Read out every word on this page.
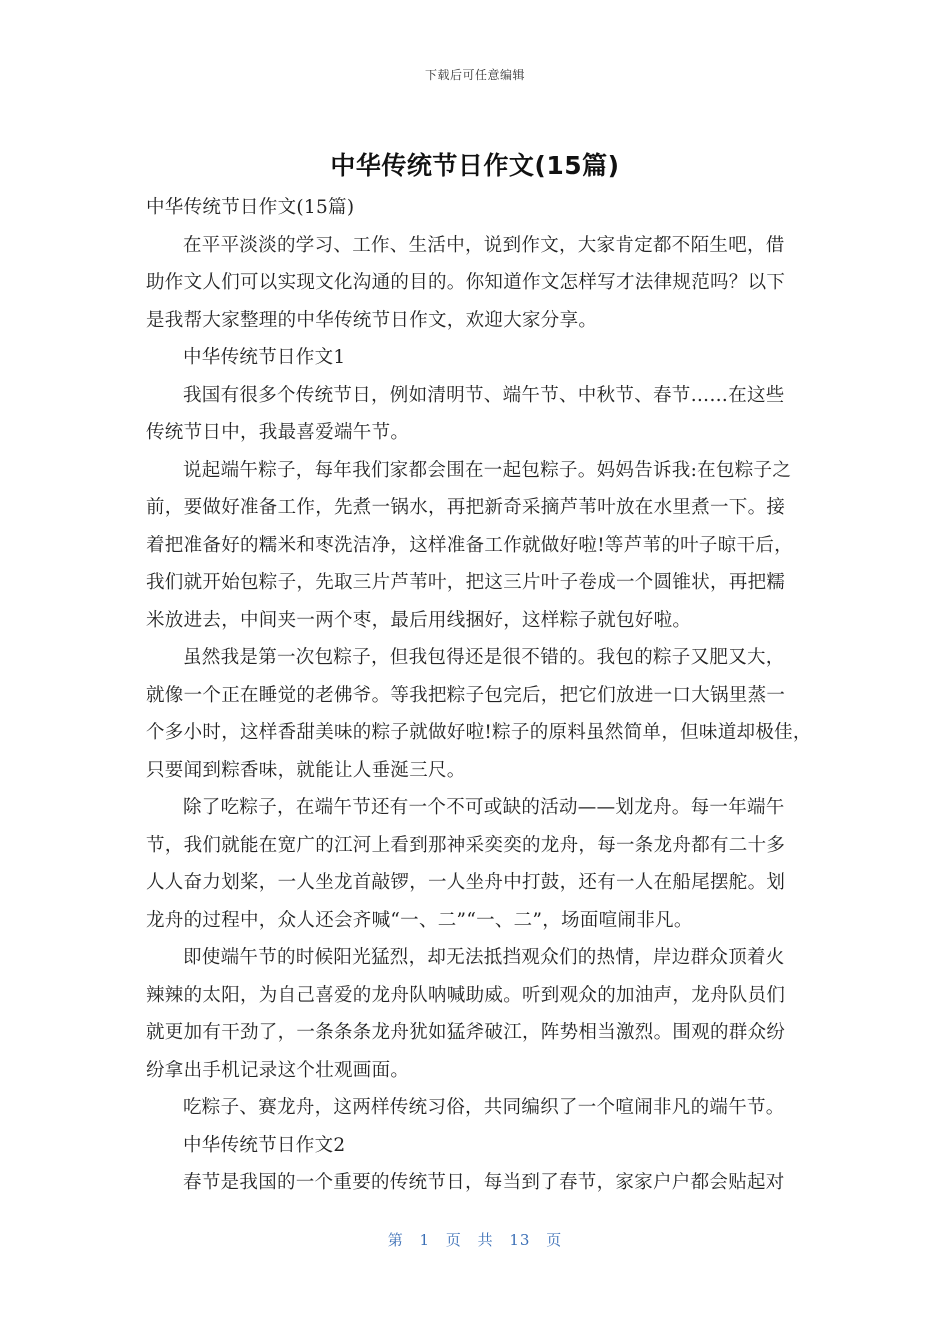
下载后可任意编辑
中华传统节日作文(15篇)
中华传统节日作文(15篇)
在平平淡淡的学习、工作、生活中，说到作文，大家肯定都不陌生吧，借
助作文人们可以实现文化沟通的目的。你知道作文怎样写才法律规范吗？以下
是我帮大家整理的中华传统节日作文，欢迎大家分享。
中华传统节日作文1
我国有很多个传统节日，例如清明节、端午节、中秋节、春节……在这些
传统节日中，我最喜爱端午节。
说起端午粽子，每年我们家都会围在一起包粽子。妈妈告诉我:在包粽子之
前，要做好准备工作，先煮一锅水，再把新奇采摘芦苇叶放在水里煮一下。接
着把准备好的糯米和枣洗洁净，这样准备工作就做好啦!等芦苇的叶子晾干后，
我们就开始包粽子，先取三片芦苇叶，把这三片叶子卷成一个圆锥状，再把糯
米放进去，中间夹一两个枣，最后用线捆好，这样粽子就包好啦。
虽然我是第一次包粽子，但我包得还是很不错的。我包的粽子又肥又大，
就像一个正在睡觉的老佛爷。等我把粽子包完后，把它们放进一口大锅里蒸一
个多小时，这样香甜美味的粽子就做好啦!粽子的原料虽然简单，但味道却极佳，
只要闻到粽香味，就能让人垂涎三尺。
除了吃粽子，在端午节还有一个不可或缺的活动——划龙舟。每一年端午
节，我们就能在宽广的江河上看到那神采奕奕的龙舟，每一条龙舟都有二十多
人人奋力划桨，一人坐龙首敲锣，一人坐舟中打鼓，还有一人在船尾摆舵。划
龙舟的过程中，众人还会齐喊“一、二”“一、二”，场面喧闹非凡。
即使端午节的时候阳光猛烈，却无法抵挡观众们的热情，岸边群众顶着火
辣辣的太阳，为自己喜爱的龙舟队呐喊助威。听到观众的加油声，龙舟队员们
就更加有干劲了，一条条条龙舟犹如猛斧破江，阵势相当激烈。围观的群众纷
纷拿出手机记录这个壮观画面。
吃粽子、赛龙舟，这两样传统习俗，共同编织了一个喧闹非凡的端午节。
中华传统节日作文2
春节是我国的一个重要的传统节日，每当到了春节，家家户户都会贴起对
第 1 页 共 13 页
